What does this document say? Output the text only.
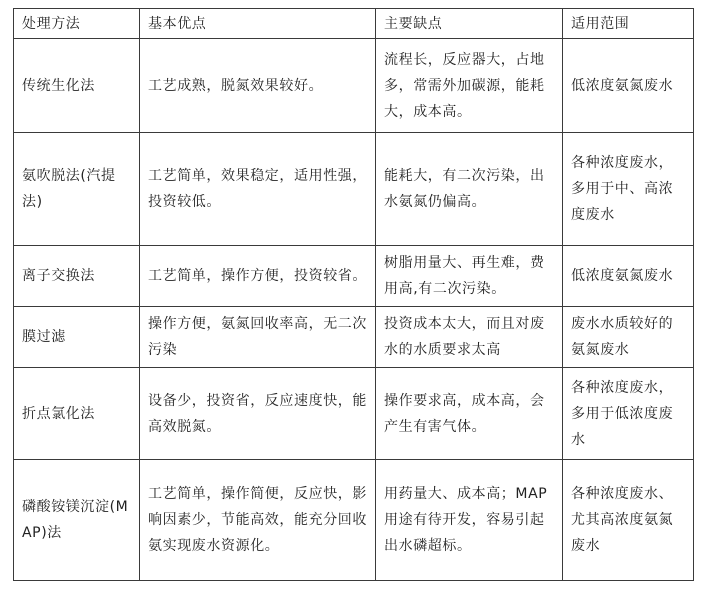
处理方法	基本优点	主要缺点	适用范围
传统生化法	工艺成熟，脱氮效果较好。	流程长，反应器大，占地多，常需外加碳源，能耗大，成本高。	低浓度氨氮废水
氨吹脱法(汽提法)	工艺简单，效果稳定，适用性强，投资较低。	能耗大，有二次污染，出水氨氮仍偏高。	各种浓度废水， 多用于中、高浓度废水
离子交换法	工艺简单，操作方便，投资较省。	树脂用量大、再生难，费用高,有二次污染。	低浓度氨氮废水
膜过滤	操作方便，氨氮回收率高，无二次污染	投资成本太大，而且对废水的水质要求太高	废水水质较好的氨氮废水
折点氯化法	设备少，投资省，反应速度快，能高效脱氮。	操作要求高，成本高，会产生有害气体。	各种浓度废水， 多用于低浓度废水
磷酸铵镁沉淀(MAP)法	工艺简单，操作简便，反应快，影响因素少，节能高效，能充分回收氨实现废水资源化。	用药量大、成本高；MAP用途有待开发，容易引起出水磷超标。	各种浓度废水、尤其高浓度氨氮废水
